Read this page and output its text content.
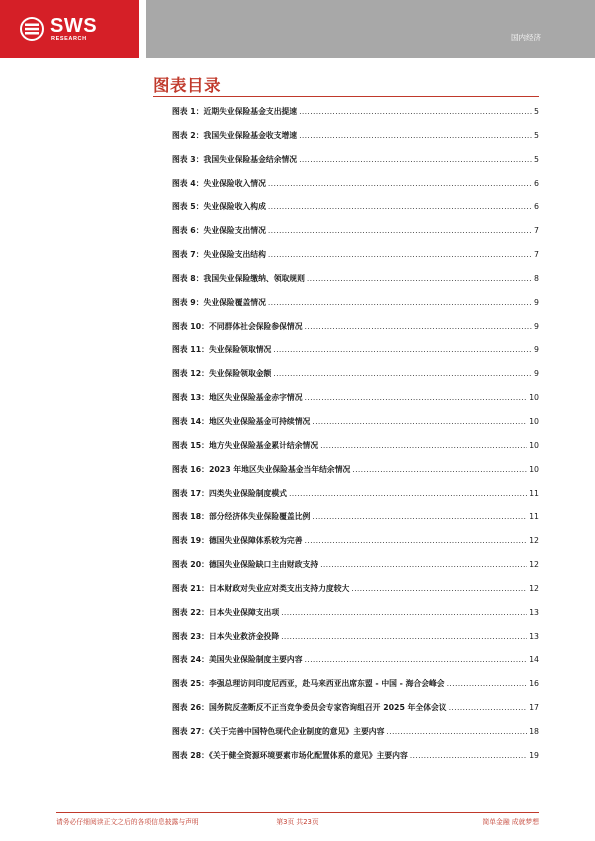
SWS
RESEARCH	国内经济
图表目录
图表 1：近期失业保险基金支出提速 .....	5
图表 2：我国失业保险基金收支增速 .....	5
图表 3：我国失业保险基金结余情况 .....	5
图表 4：失业保险收入情况 .....	6
图表 5：失业保险收入构成 .....	6
图表 6：失业保险支出情况 .....	7
图表 7：失业保险支出结构 .....	7
图表 8：我国失业保险缴纳、领取规则 .....	8
图表 9：失业保险覆盖情况 .....	9
图表 10：不同群体社会保险参保情况 .....	9
图表 11：失业保险领取情况 .....	9
图表 12：失业保险领取金额 .....	9
图表 13：地区失业保险基金赤字情况 .....	10
图表 14：地区失业保险基金可持续情况 .....	10
图表 15：地方失业保险基金累计结余情况 .....	10
图表 16：2023 年地区失业保险基金当年结余情况 .....	10
图表 17：四类失业保险制度模式 .....	11
图表 18：部分经济体失业保险覆盖比例 .....	11
图表 19：德国失业保障体系较为完善 .....	12
图表 20：德国失业保险缺口主由财政支持 .....	12
图表 21：日本财政对失业应对类支出支持力度较大 .....	12
图表 22：日本失业保障支出项 .....	13
图表 23：日本失业救济金投降 .....	13
图表 24：美国失业保险制度主要内容 .....	14
图表 25：李强总理访问印度尼西亚，赴马来西亚出席东盟 - 中国 - 海合会峰会 .....	16
图表 26：国务院反垄断反不正当竞争委员会专家咨询组召开 2025 年全体会议 .....	17
图表 27：《关于完善中国特色现代企业制度的意见》主要内容 .....	18
图表 28：《关于健全资源环境要素市场化配置体系的意见》主要内容 .....	19
请务必仔细阅读正文之后的各项信息披露与声明	第3页 共23页	简单金融 成就梦想
